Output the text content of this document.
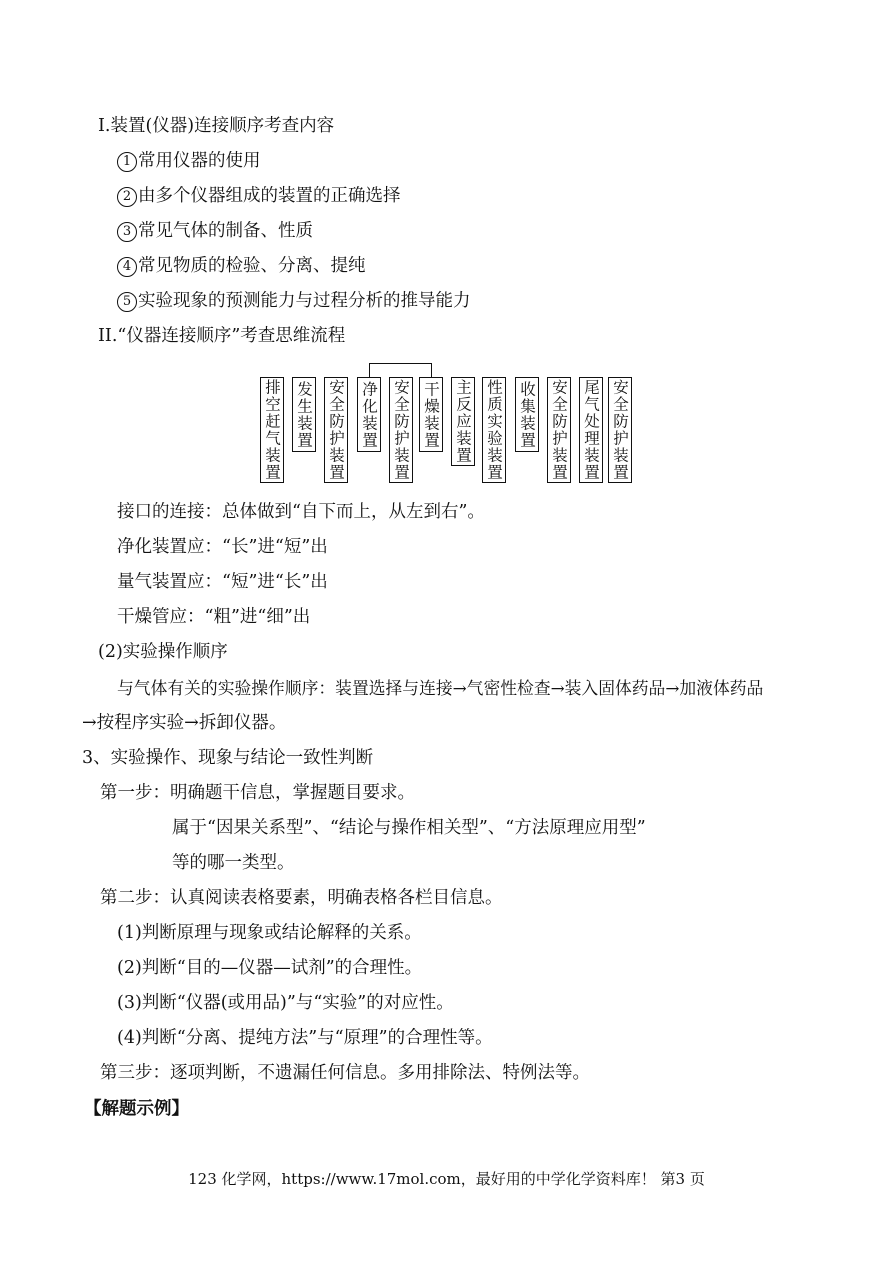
I.装置(仪器)连接顺序考查内容
1 常用仪器的使用
2 由多个仪器组成的装置的正确选择
3 常见气体的制备、性质
4 常见物质的检验、分离、提纯
5 实验现象的预测能力与过程分析的推导能力
II.“仪器连接顺序”考查思维流程
排空赶气装置 发生装置 安全防护装置 净化装置 安全防护装置 干燥装置 主反应装置 性质实验装置 收集装置 安全防护装置 尾气处理装置 安全防护装置
接口的连接：总体做到“自下而上，从左到右”。
净化装置应：“长”进“短”出
量气装置应：“短”进“长”出
干燥管应：“粗”进“细”出
(2)实验操作顺序
与气体有关的实验操作顺序：装置选择与连接→气密性检查→装入固体药品→加液体药品
→按程序实验→拆卸仪器。
3、实验操作、现象与结论一致性判断
第一步：明确题干信息，掌握题目要求。
属于“因果关系型”、“结论与操作相关型”、“方法原理应用型”
等的哪一类型。
第二步：认真阅读表格要素，明确表格各栏目信息。
(1)判断原理与现象或结论解释的关系。
(2)判断“目的—仪器—试剂”的合理性。
(3)判断“仪器(或用品)”与“实验”的对应性。
(4)判断“分离、提纯方法”与“原理”的合理性等。
第三步：逐项判断，不遗漏任何信息。多用排除法、特例法等。
【解题示例】
123 化学网，https://www.17mol.com，最好用的中学化学资料库！ 第3 页
